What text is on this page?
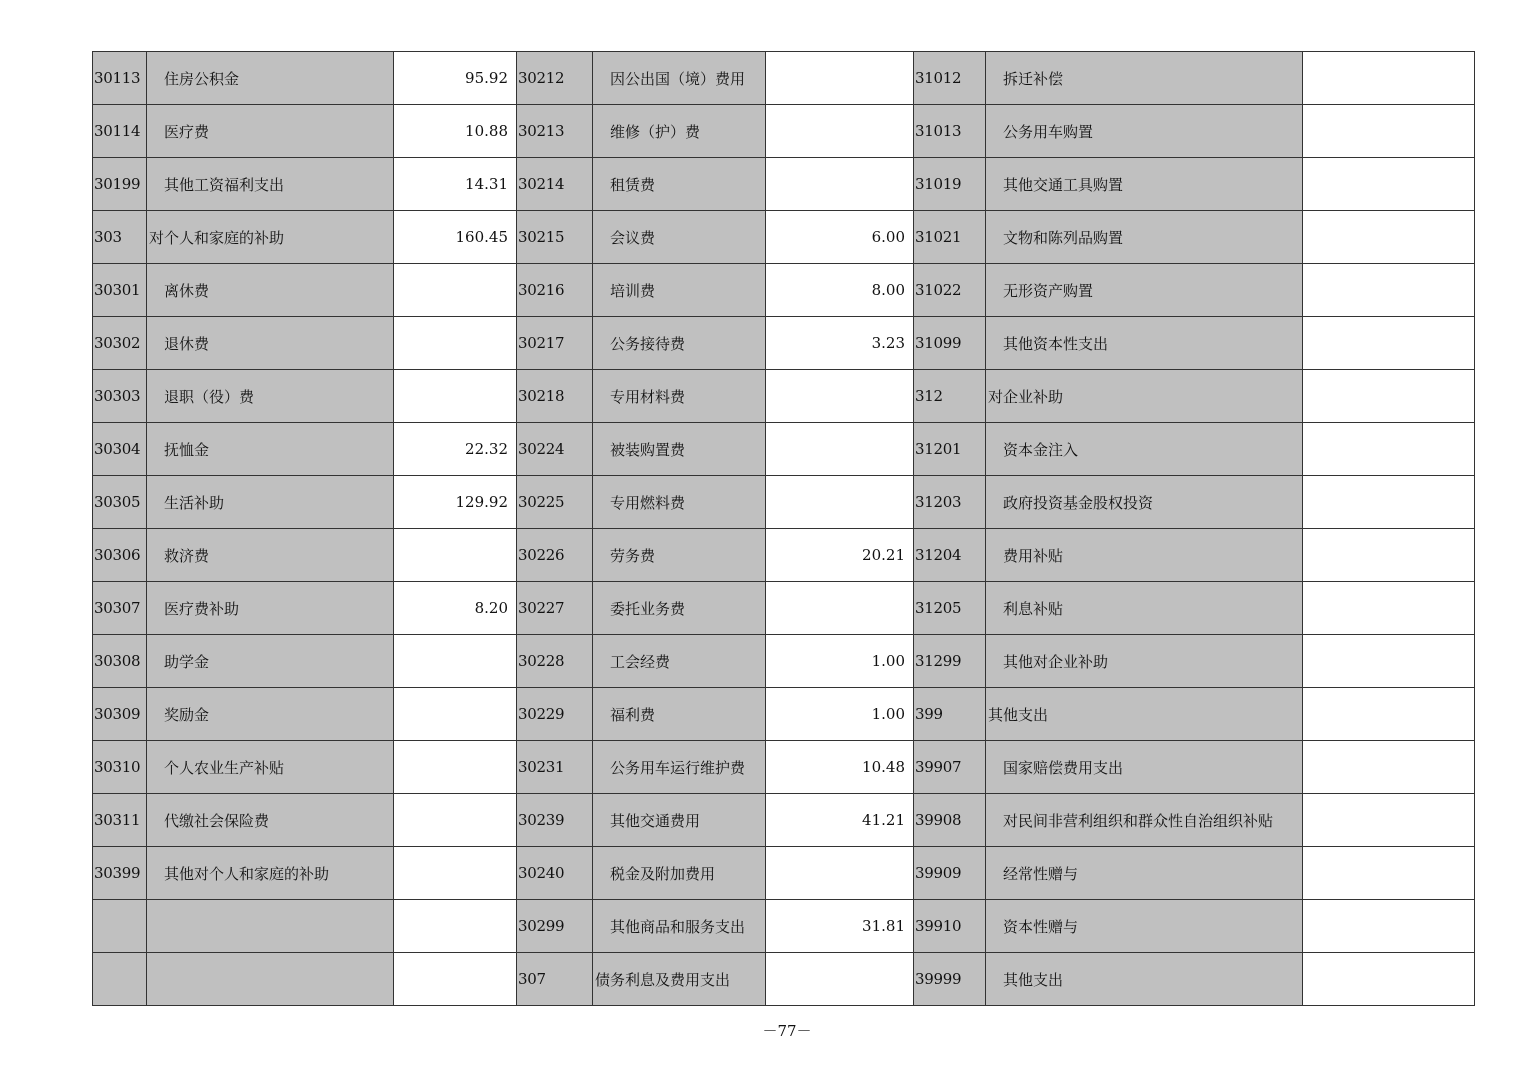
30113	住房公积金	95.92	30212	因公出国（境）费用		31012	拆迁补偿	
30114	医疗费	10.88	30213	维修（护）费		31013	公务用车购置	
30199	其他工资福利支出	14.31	30214	租赁费		31019	其他交通工具购置	
303	对个人和家庭的补助	160.45	30215	会议费	6.00	31021	文物和陈列品购置	
30301	离休费		30216	培训费	8.00	31022	无形资产购置	
30302	退休费		30217	公务接待费	3.23	31099	其他资本性支出	
30303	退职（役）费		30218	专用材料费		312	对企业补助	
30304	抚恤金	22.32	30224	被装购置费		31201	资本金注入	
30305	生活补助	129.92	30225	专用燃料费		31203	政府投资基金股权投资	
30306	救济费		30226	劳务费	20.21	31204	费用补贴	
30307	医疗费补助	8.20	30227	委托业务费		31205	利息补贴	
30308	助学金		30228	工会经费	1.00	31299	其他对企业补助	
30309	奖励金		30229	福利费	1.00	399	其他支出	
30310	个人农业生产补贴		30231	公务用车运行维护费	10.48	39907	国家赔偿费用支出	
30311	代缴社会保险费		30239	其他交通费用	41.21	39908	对民间非营利组织和群众性自治组织补贴	
30399	其他对个人和家庭的补助		30240	税金及附加费用		39909	经常性赠与	
			30299	其他商品和服务支出	31.81	39910	资本性赠与	
			307	债务利息及费用支出		39999	其他支出	
－77－
